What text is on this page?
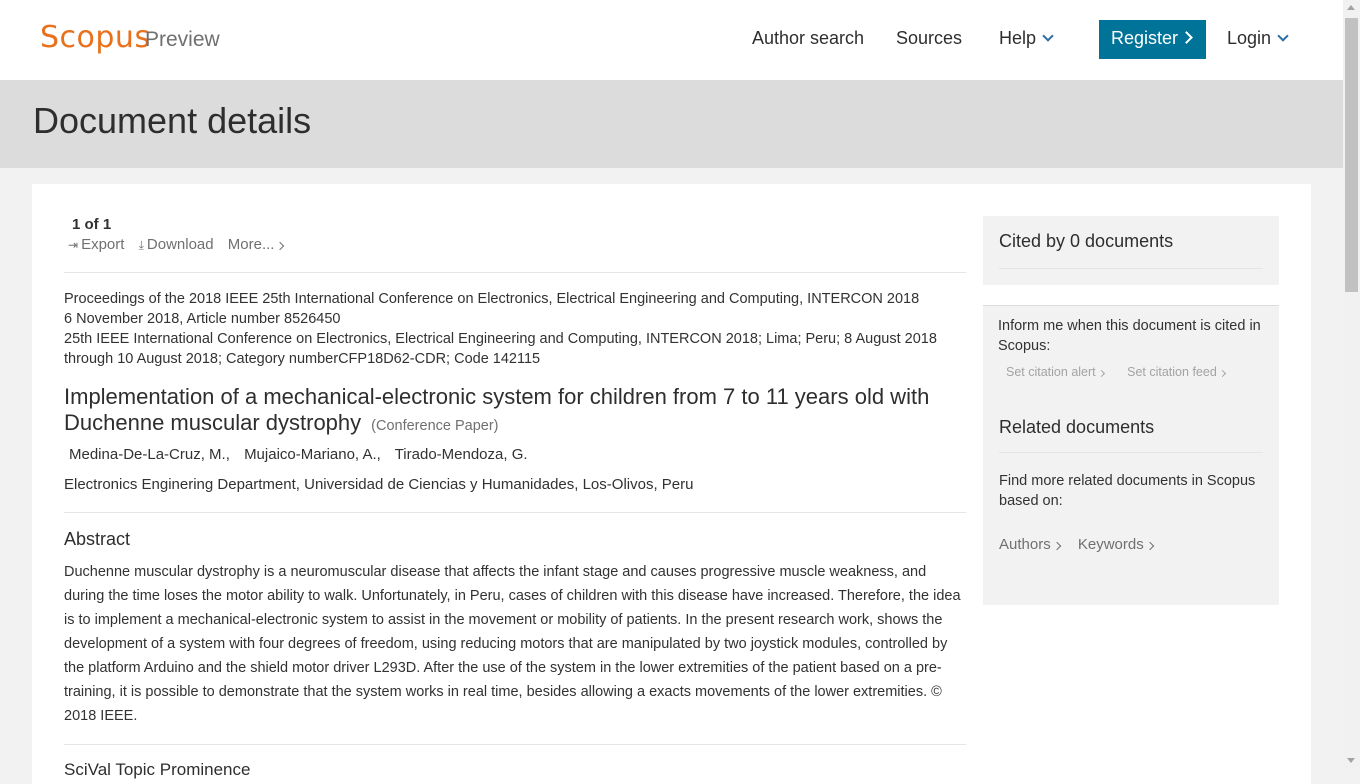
Scopus
Preview	Author search Sources Help	Register	Login
Document details
1 of 1
⇥ Export ⤓ Download More...
Proceedings of the 2018 IEEE 25th International Conference on Electronics, Electrical Engineering and Computing, INTERCON 2018
6 November 2018, Article number 8526450
25th IEEE International Conference on Electronics, Electrical Engineering and Computing, INTERCON 2018; Lima; Peru; 8 August 2018 through 10 August 2018; Category numberCFP18D62-CDR; Code 142115
Implementation of a mechanical-electronic system for children from 7 to 11 years old with Duchenne muscular dystrophy (Conference Paper)
Medina-De-La-Cruz, M., Mujaico-Mariano, A., Tirado-Mendoza, G.
Electronics Enginering Department, Universidad de Ciencias y Humanidades, Los-Olivos, Peru
Abstract
Duchenne muscular dystrophy is a neuromuscular disease that affects the infant stage and causes progressive muscle weakness, and during the time loses the motor ability to walk. Unfortunately, in Peru, cases of children with this disease have increased. Therefore, the idea is to implement a mechanical-electronic system to assist in the movement or mobility of patients. In the present research work, shows the development of a system with four degrees of freedom, using reducing motors that are manipulated by two joystick modules, controlled by the platform Arduino and the shield motor driver L293D. After the use of the system in the lower extremities of the patient based on a pre-training, it is possible to demonstrate that the system works in real time, besides allowing a exacts movements of the lower extremities. © 2018 IEEE.
SciVal Topic Prominence
Cited by 0 documents
Inform me when this document is cited in Scopus:
Set citation alert	Set citation feed
Related documents
Find more related documents in Scopus based on:
Authors Keywords
